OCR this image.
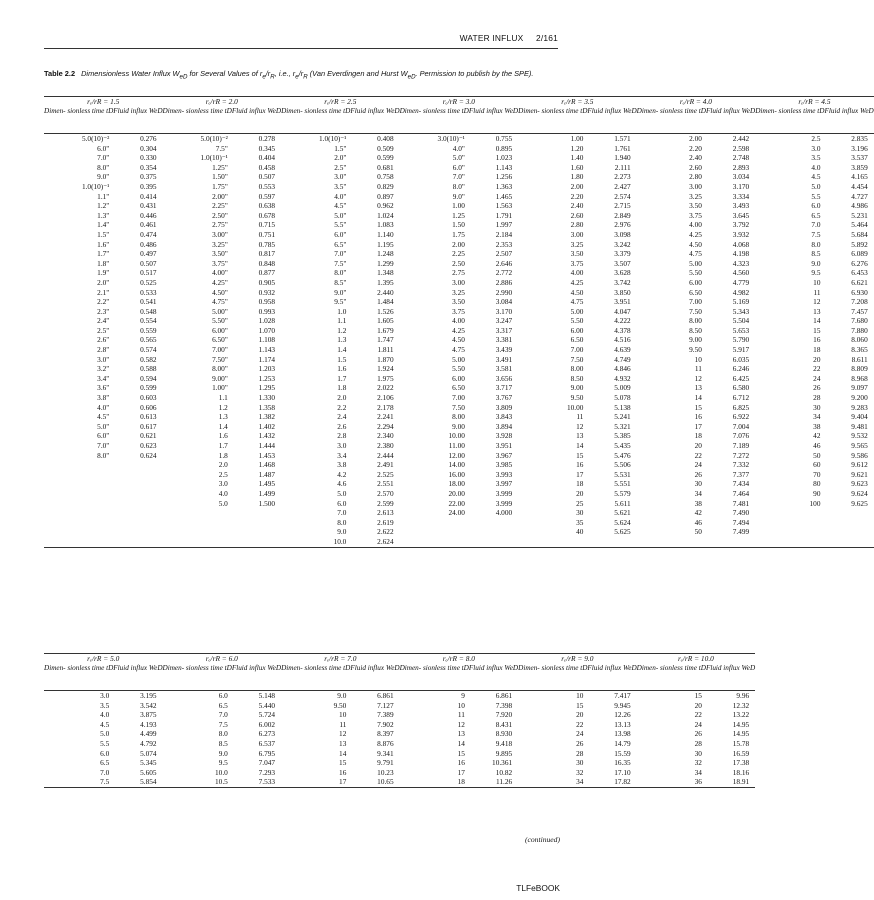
WATER INFLUX 2/161
Table 2.2 Dimensionless Water Influx $W_{eD}$ for Several Values of $r_e/r_R$, i.e., $r_e/r_R$ (Van Everdingen and Hurst $W_{eD}$. Permission to publish by the SPE).
rₑ/rR = 1.5		rₑ/rR = 2.0		rₑ/rR = 2.5		rₑ/rR = 3.0		rₑ/rR = 3.5		rₑ/rR = 4.0		rₑ/rR = 4.5	
Dimen- sionless time tD	Fluid influx WeD	Dimen- sionless time tD	Fluid influx WeD	Dimen- sionless time tD	Fluid influx WeD	Dimen- sionless time tD	Fluid influx WeD	Dimen- sionless time tD	Fluid influx WeD	Dimen- sionless time tD	Fluid influx WeD	Dimen- sionless time tD	Fluid influx WeD
5.0(10)⁻²	0.276	5.0(10)⁻²	0.278	1.0(10)⁻¹	0.408	3.0(10)⁻¹	0.755	1.00	1.571	2.00	2.442	2.5	2.835
6.0"	0.304	7.5"	0.345	1.5"	0.509	4.0"	0.895	1.20	1.761	2.20	2.598	3.0	3.196
7.0"	0.330	1.0(10)⁻¹	0.404	2.0"	0.599	5.0"	1.023	1.40	1.940	2.40	2.748	3.5	3.537
8.0"	0.354	1.25"	0.458	2.5"	0.681	6.0"	1.143	1.60	2.111	2.60	2.893	4.0	3.859
9.0"	0.375	1.50"	0.507	3.0"	0.758	7.0"	1.256	1.80	2.273	2.80	3.034	4.5	4.165
1.0(10)⁻¹	0.395	1.75"	0.553	3.5"	0.829	8.0"	1.363	2.00	2.427	3.00	3.170	5.0	4.454
1.1"	0.414	2.00"	0.597	4.0"	0.897	9.0"	1.465	2.20	2.574	3.25	3.334	5.5	4.727
1.2"	0.431	2.25"	0.638	4.5"	0.962	1.00	1.563	2.40	2.715	3.50	3.493	6.0	4.986
1.3"	0.446	2.50"	0.678	5.0"	1.024	1.25	1.791	2.60	2.849	3.75	3.645	6.5	5.231
1.4"	0.461	2.75"	0.715	5.5"	1.083	1.50	1.997	2.80	2.976	4.00	3.792	7.0	5.464
1.5"	0.474	3.00"	0.751	6.0"	1.140	1.75	2.184	3.00	3.098	4.25	3.932	7.5	5.684
1.6"	0.486	3.25"	0.785	6.5"	1.195	2.00	2.353	3.25	3.242	4.50	4.068	8.0	5.892
1.7"	0.497	3.50"	0.817	7.0"	1.248	2.25	2.507	3.50	3.379	4.75	4.198	8.5	6.089
1.8"	0.507	3.75"	0.848	7.5"	1.299	2.50	2.646	3.75	3.507	5.00	4.323	9.0	6.276
1.9"	0.517	4.00"	0.877	8.0"	1.348	2.75	2.772	4.00	3.628	5.50	4.560	9.5	6.453
2.0"	0.525	4.25"	0.905	8.5"	1.395	3.00	2.886	4.25	3.742	6.00	4.779	10	6.621
2.1"	0.533	4.50"	0.932	9.0"	2.440	3.25	2.990	4.50	3.850	6.50	4.982	11	6.930
2.2"	0.541	4.75"	0.958	9.5"	1.484	3.50	3.084	4.75	3.951	7.00	5.169	12	7.208
2.3"	0.548	5.00"	0.993	1.0	1.526	3.75	3.170	5.00	4.047	7.50	5.343	13	7.457
2.4"	0.554	5.50"	1.028	1.1	1.605	4.00	3.247	5.50	4.222	8.00	5.504	14	7.680
2.5"	0.559	6.00"	1.070	1.2	1.679	4.25	3.317	6.00	4.378	8.50	5.653	15	7.880
2.6"	0.565	6.50"	1.108	1.3	1.747	4.50	3.381	6.50	4.516	9.00	5.790	16	8.060
2.8"	0.574	7.00"	1.143	1.4	1.811	4.75	3.439	7.00	4.639	9.50	5.917	18	8.365
3.0"	0.582	7.50"	1.174	1.5	1.870	5.00	3.491	7.50	4.749	10	6.035	20	8.611
3.2"	0.588	8.00"	1.203	1.6	1.924	5.50	3.581	8.00	4.846	11	6.246	22	8.809
3.4"	0.594	9.00"	1.253	1.7	1.975	6.00	3.656	8.50	4.932	12	6.425	24	8.968
3.6"	0.599	1.00"	1.295	1.8	2.022	6.50	3.717	9.00	5.009	13	6.580	26	9.097
3.8"	0.603	1.1	1.330	2.0	2.106	7.00	3.767	9.50	5.078	14	6.712	28	9.200
4.0"	0.606	1.2	1.358	2.2	2.178	7.50	3.809	10.00	5.138	15	6.825	30	9.283
4.5"	0.613	1.3	1.382	2.4	2.241	8.00	3.843	11	5.241	16	6.922	34	9.404
5.0"	0.617	1.4	1.402	2.6	2.294	9.00	3.894	12	5.321	17	7.004	38	9.481
6.0"	0.621	1.6	1.432	2.8	2.340	10.00	3.928	13	5.385	18	7.076	42	9.532
7.0"	0.623	1.7	1.444	3.0	2.380	11.00	3.951	14	5.435	20	7.189	46	9.565
8.0"	0.624	1.8	1.453	3.4	2.444	12.00	3.967	15	5.476	22	7.272	50	9.586
		2.0	1.468	3.8	2.491	14.00	3.985	16	5.506	24	7.332	60	9.612
		2.5	1.487	4.2	2.525	16.00	3.993	17	5.531	26	7.377	70	9.621
		3.0	1.495	4.6	2.551	18.00	3.997	18	5.551	30	7.434	80	9.623
		4.0	1.499	5.0	2.570	20.00	3.999	20	5.579	34	7.464	90	9.624
		5.0	1.500	6.0	2.599	22.00	3.999	25	5.611	38	7.481	100	9.625
				7.0	2.613	24.00	4.000	30	5.621	42	7.490		
				8.0	2.619			35	5.624	46	7.494		
				9.0	2.622			40	5.625	50	7.499		
				10.0	2.624								
rₑ/rR = 5.0		rₑ/rR = 6.0		rₑ/rR = 7.0		rₑ/rR = 8.0		rₑ/rR = 9.0		rₑ/rR = 10.0	
Dimen- sionless time tD	Fluid influx WeD	Dimen- sionless time tD	Fluid influx WeD	Dimen- sionless time tD	Fluid influx WeD	Dimen- sionless time tD	Fluid influx WeD	Dimen- sionless time tD	Fluid influx WeD	Dimen- sionless time tD	Fluid influx WeD
3.0	3.195	6.0	5.148	9.0	6.861	9	6.861	10	7.417	15	9.96
3.5	3.542	6.5	5.440	9.50	7.127	10	7.398	15	9.945	20	12.32
4.0	3.875	7.0	5.724	10	7.389	11	7.920	20	12.26	22	13.22
4.5	4.193	7.5	6.002	11	7.902	12	8.431	22	13.13	24	14.95
5.0	4.499	8.0	6.273	12	8.397	13	8.930	24	13.98	26	14.95
5.5	4.792	8.5	6.537	13	8.876	14	9.418	26	14.79	28	15.78
6.0	5.074	9.0	6.795	14	9.341	15	9.895	28	15.59	30	16.59
6.5	5.345	9.5	7.047	15	9.791	16	10.361	30	16.35	32	17.38
7.0	5.605	10.0	7.293	16	10.23	17	10.82	32	17.10	34	18.16
7.5	5.854	10.5	7.533	17	10.65	18	11.26	34	17.82	36	18.91
(continued)
TLFeBOOK
